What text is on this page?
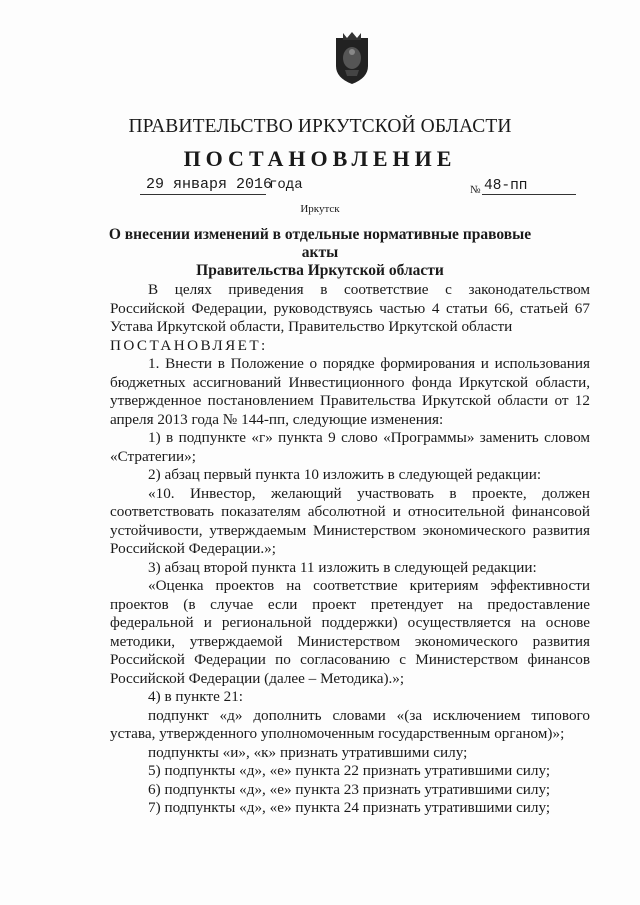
ПРАВИТЕЛЬСТВО ИРКУТСКОЙ ОБЛАСТИ
ПОСТАНОВЛЕНИЕ
29 января 2016
года	№ 48-пп
Иркутск
О внесении изменений в отдельные нормативные правовые акты
Правительства Иркутской области

В целях приведения в соответствие с законодательством Российской Федерации, руководствуясь частью 4 статьи 66, статьей 67 Устава Иркутской области, Правительство Иркутской области

ПОСТАНОВЛЯЕТ:

1. Внести в Положение о порядке формирования и использования бюджетных ассигнований Инвестиционного фонда Иркутской области, утвержденное постановлением Правительства Иркутской области от 12 апреля 2013 года № 144-пп, следующие изменения:

1) в подпункте «г» пункта 9 слово «Программы» заменить словом «Стратегии»;

2) абзац первый пункта 10 изложить в следующей редакции:

«10. Инвестор, желающий участвовать в проекте, должен соответствовать показателям абсолютной и относительной финансовой устойчивости, утверждаемым Министерством экономического развития Российской Федерации.»;

3) абзац второй пункта 11 изложить в следующей редакции:

«Оценка проектов на соответствие критериям эффективности проектов (в случае если проект претендует на предоставление федеральной и региональной поддержки) осуществляется на основе методики, утверждаемой Министерством экономического развития Российской Федерации по согласованию с Министерством финансов Российской Федерации (далее – Методика).»;

4) в пункте 21:

подпункт «д» дополнить словами «(за исключением типового устава, утвержденного уполномоченным государственным органом)»;

подпункты «и», «к» признать утратившими силу;

5) подпункты «д», «е» пункта 22 признать утратившими силу;

6) подпункты «д», «е» пункта 23 признать утратившими силу;

7) подпункты «д», «е» пункта 24 признать утратившими силу;
